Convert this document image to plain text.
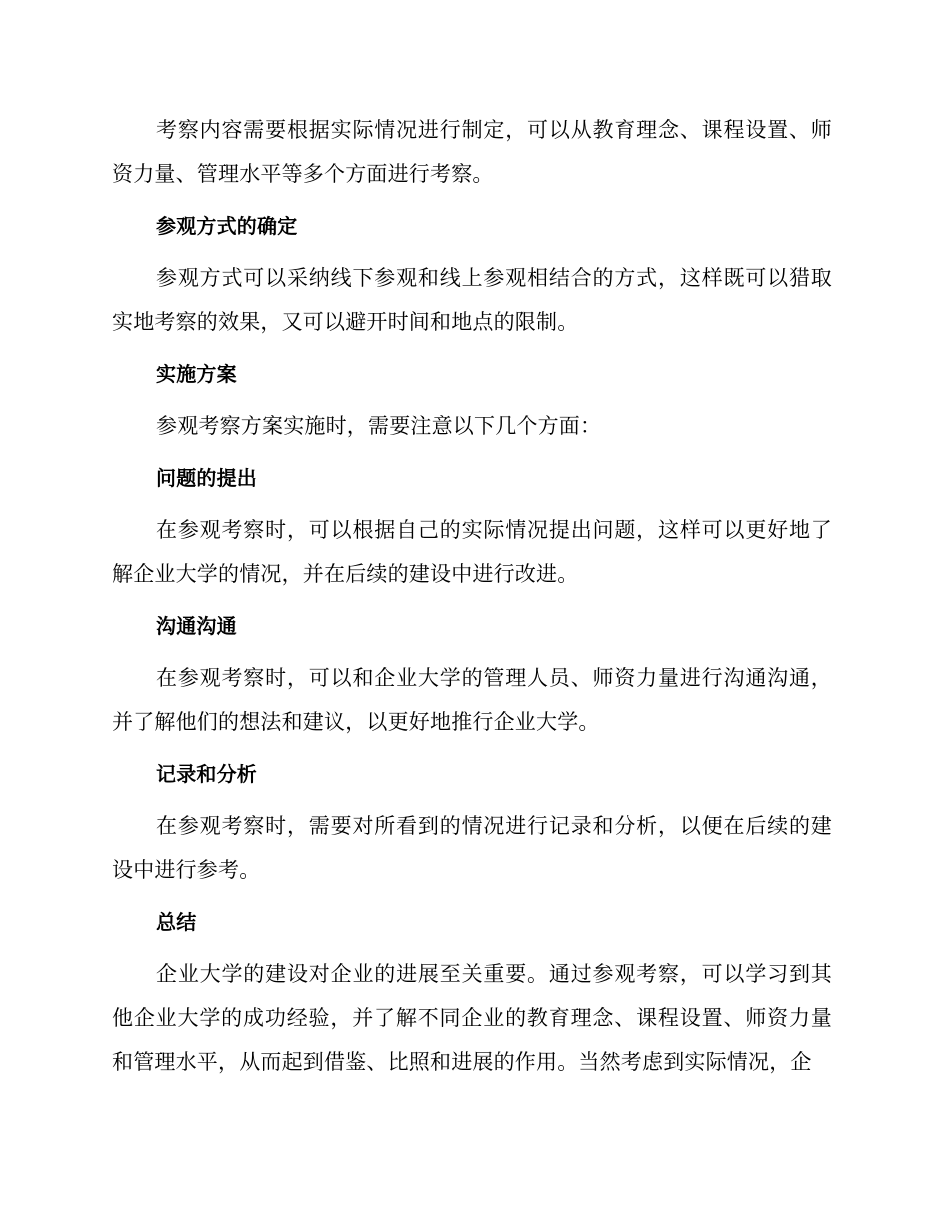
考察内容需要根据实际情况进行制定，可以从教育理念、课程设置、师资力量、管理水平等多个方面进行考察。

参观方式的确定

参观方式可以采纳线下参观和线上参观相结合的方式，这样既可以猎取实地考察的效果，又可以避开时间和地点的限制。

实施方案

参观考察方案实施时，需要注意以下几个方面：

问题的提出

在参观考察时，可以根据自己的实际情况提出问题，这样可以更好地了解企业大学的情况，并在后续的建设中进行改进。

沟通沟通

在参观考察时，可以和企业大学的管理人员、师资力量进行沟通沟通，并了解他们的想法和建议，以更好地推行企业大学。

记录和分析

在参观考察时，需要对所看到的情况进行记录和分析，以便在后续的建设中进行参考。

总结

企业大学的建设对企业的进展至关重要。通过参观考察，可以学习到其他企业大学的成功经验，并了解不同企业的教育理念、课程设置、师资力量和管理水平，从而起到借鉴、比照和进展的作用。当然考虑到实际情况，企
